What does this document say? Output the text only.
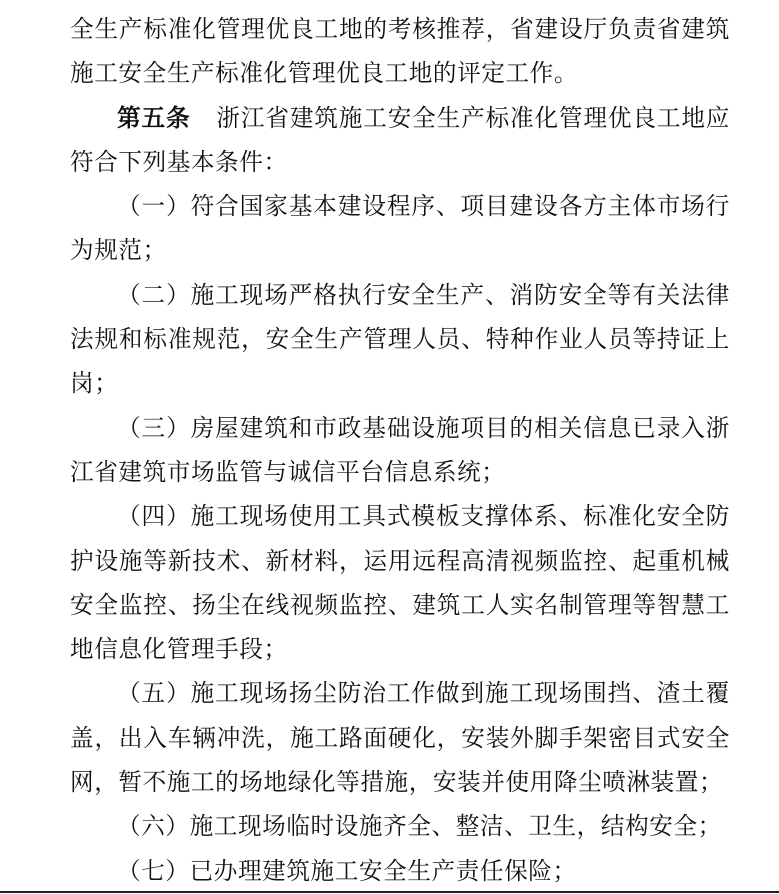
全生产标准化管理优良工地的考核推荐，省建设厅负责省建筑施工安全生产标准化管理优良工地的评定工作。

第五条 浙江省建筑施工安全生产标准化管理优良工地应符合下列基本条件：

（一）符合国家基本建设程序、项目建设各方主体市场行为规范；

（二）施工现场严格执行安全生产、消防安全等有关法律法规和标准规范，安全生产管理人员、特种作业人员等持证上岗；

（三）房屋建筑和市政基础设施项目的相关信息已录入浙江省建筑市场监管与诚信平台信息系统；

（四）施工现场使用工具式模板支撑体系、标准化安全防护设施等新技术、新材料，运用远程高清视频监控、起重机械安全监控、扬尘在线视频监控、建筑工人实名制管理等智慧工地信息化管理手段；

（五）施工现场扬尘防治工作做到施工现场围挡、渣土覆盖，出入车辆冲洗，施工路面硬化，安装外脚手架密目式安全网，暂不施工的场地绿化等措施，安装并使用降尘喷淋装置；

（六）施工现场临时设施齐全、整洁、卫生，结构安全；

（七）已办理建筑施工安全生产责任保险；
